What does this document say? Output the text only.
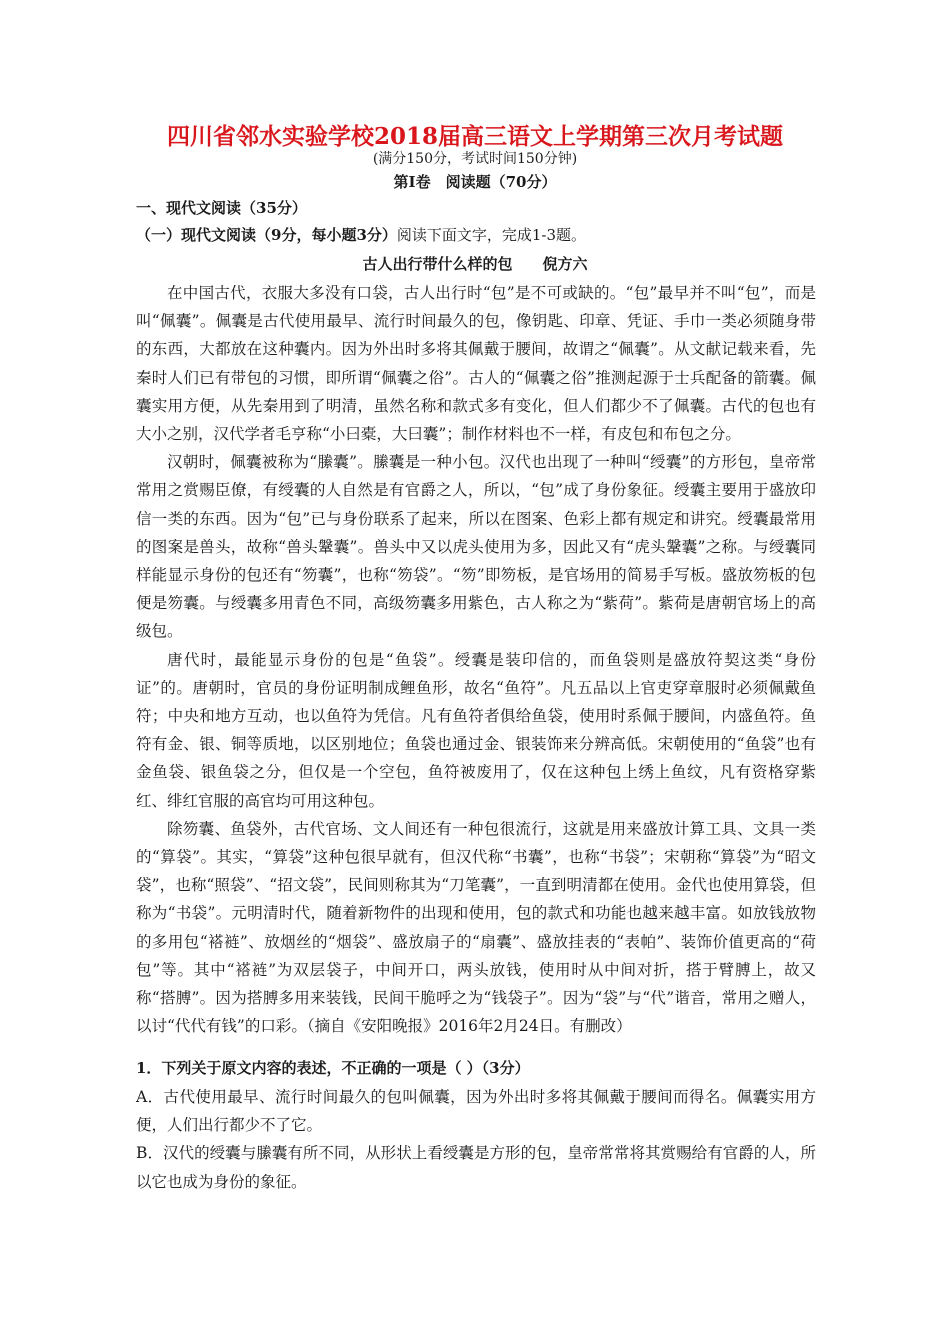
四川省邻水实验学校2018届高三语文上学期第三次月考试题
(满分150分，考试时间150分钟)
第Ⅰ卷　阅读题（70分）
一、现代文阅读（35分）
（一）现代文阅读（9分，每小题3分）阅读下面文字，完成1-3题。
古人出行带什么样的包　　倪方六

在中国古代，衣服大多没有口袋，古人出行时“包”是不可或缺的。“包”最早并不叫“包”，而是叫“佩囊”。佩囊是古代使用最早、流行时间最久的包，像钥匙、印章、凭证、手巾一类必须随身带的东西，大都放在这种囊内。因为外出时多将其佩戴于腰间，故谓之“佩囊”。从文献记载来看，先秦时人们已有带包的习惯，即所谓“佩囊之俗”。古人的“佩囊之俗”推测起源于士兵配备的箭囊。佩囊实用方便，从先秦用到了明清，虽然名称和款式多有变化，但人们都少不了佩囊。古代的包也有大小之别，汉代学者毛亨称“小曰橐，大曰囊”；制作材料也不一样，有皮包和布包之分。

汉朝时，佩囊被称为“縢囊”。縢囊是一种小包。汉代也出现了一种叫“绶囊”的方形包，皇帝常常用之赏赐臣僚，有绶囊的人自然是有官爵之人，所以，“包”成了身份象征。绶囊主要用于盛放印信一类的东西。因为“包”已与身份联系了起来，所以在图案、色彩上都有规定和讲究。绶囊最常用的图案是兽头，故称“兽头鞶囊”。兽头中又以虎头使用为多，因此又有“虎头鞶囊”之称。与绶囊同样能显示身份的包还有“笏囊”，也称“笏袋”。“笏”即笏板，是官场用的简易手写板。盛放笏板的包便是笏囊。与绶囊多用青色不同，高级笏囊多用紫色，古人称之为“紫荷”。紫荷是唐朝官场上的高级包。

唐代时，最能显示身份的包是“鱼袋”。绶囊是装印信的，而鱼袋则是盛放符契这类“身份证”的。唐朝时，官员的身份证明制成鲤鱼形，故名“鱼符”。凡五品以上官吏穿章服时必须佩戴鱼符；中央和地方互动，也以鱼符为凭信。凡有鱼符者俱给鱼袋，使用时系佩于腰间，内盛鱼符。鱼符有金、银、铜等质地，以区别地位；鱼袋也通过金、银装饰来分辨高低。宋朝使用的“鱼袋”也有金鱼袋、银鱼袋之分，但仅是一个空包，鱼符被废用了，仅在这种包上绣上鱼纹，凡有资格穿紫红、绯红官服的高官均可用这种包。

除笏囊、鱼袋外，古代官场、文人间还有一种包很流行，这就是用来盛放计算工具、文具一类的“算袋”。其实，“算袋”这种包很早就有，但汉代称“书囊”，也称“书袋”；宋朝称“算袋”为“昭文袋”，也称“照袋”、“招文袋”，民间则称其为“刀笔囊”，一直到明清都在使用。金代也使用算袋，但称为“书袋”。元明清时代，随着新物件的出现和使用，包的款式和功能也越来越丰富。如放钱放物的多用包“褡裢”、放烟丝的“烟袋”、盛放扇子的“扇囊”、盛放挂表的“表帕”、装饰价值更高的“荷包”等。其中“褡裢”为双层袋子，中间开口，两头放钱，使用时从中间对折，搭于臂膊上，故又称“搭膊”。因为搭膊多用来装钱，民间干脆呼之为“钱袋子”。因为“袋”与“代”谐音，常用之赠人，以讨“代代有钱”的口彩。（摘自《安阳晚报》2016年2月24日。有删改）

1．下列关于原文内容的表述，不正确的一项是（ ）（3分）

A．古代使用最早、流行时间最久的包叫佩囊，因为外出时多将其佩戴于腰间而得名。佩囊实用方便，人们出行都少不了它。

B．汉代的绶囊与縢囊有所不同，从形状上看绶囊是方形的包，皇帝常常将其赏赐给有官爵的人，所以它也成为身份的象征。
